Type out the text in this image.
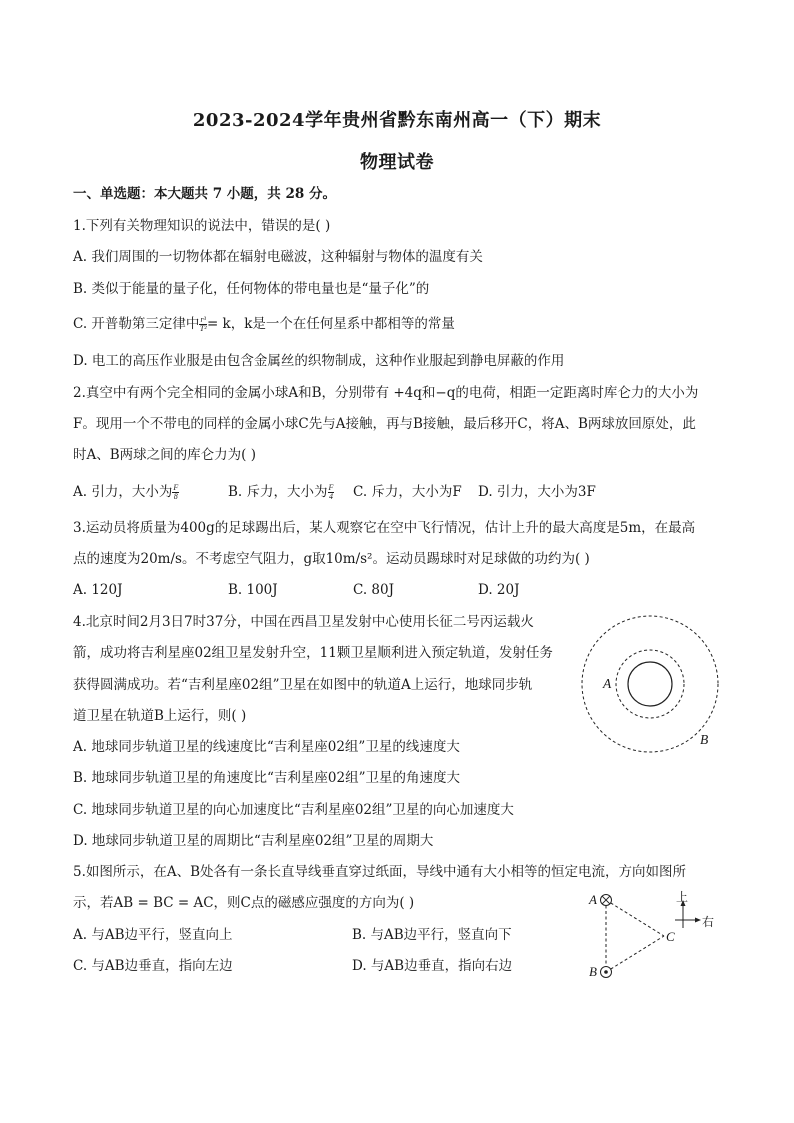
2023-2024学年贵州省黔东南州高一（下）期末
物理试卷
一、单选题：本大题共 7 小题，共 28 分。
1.下列有关物理知识的说法中，错误的是( )
A. 我们周围的一切物体都在辐射电磁波，这种辐射与物体的温度有关
B. 类似于能量的量子化，任何物体的带电量也是“量子化”的
C. 开普勒第三定律中 $\frac{\text{r³}}{\text{T²}} = k$，k是一个在任何星系中都相等的常量
D. 电工的高压作业服是由包含金属丝的织物制成，这种作业服起到静电屏蔽的作用
2.真空中有两个完全相同的金属小球A和B，分别带有 +4q和−q的电荷，相距一定距离时库仑力的大小为
F。现用一个不带电的同样的金属小球C先与A接触，再与B接触，最后移开C，将A、B两球放回原处，此
时A、B两球之间的库仑力为( )
A. 引力，大小为 $\frac{F}{8}$	B. 斥力，大小为 $\frac{F}{4} C$. 斥力，大小为F D. 引力，大小为3F
3.运动员将质量为400g的足球踢出后，某人观察它在空中飞行情况，估计上升的最大高度是5m，在最高
点的速度为20m/s。不考虑空气阻力，g取10m/s²。运动员踢球时对足球做的功约为( )
A. 120J	B. 100J	C. 80J	D. 20J
4.北京时间2月3日7时37分，中国在西昌卫星发射中心使用长征二号丙运载火
箭，成功将吉利星座02组卫星发射升空，11颗卫星顺利进入预定轨道，发射任务
获得圆满成功。若“吉利星座02组”卫星在如图中的轨道A上运行，地球同步轨
道卫星在轨道B上运行，则( )
A. 地球同步轨道卫星的线速度比“吉利星座02组”卫星的线速度大
B. 地球同步轨道卫星的角速度比“吉利星座02组”卫星的角速度大
C. 地球同步轨道卫星的向心加速度比“吉利星座02组”卫星的向心加速度大
D. 地球同步轨道卫星的周期比“吉利星座02组”卫星的周期大
A
B
5.如图所示，在A、B处各有一条长直导线垂直穿过纸面，导线中通有大小相等的恒定电流，方向如图所
示，若AB = BC = AC，则C点的磁感应强度的方向为( )
A. 与AB边平行，竖直向上	B. 与AB边平行，竖直向下
C. 与AB边垂直，指向左边	D. 与AB边垂直，指向右边
A
B
C
上
右
